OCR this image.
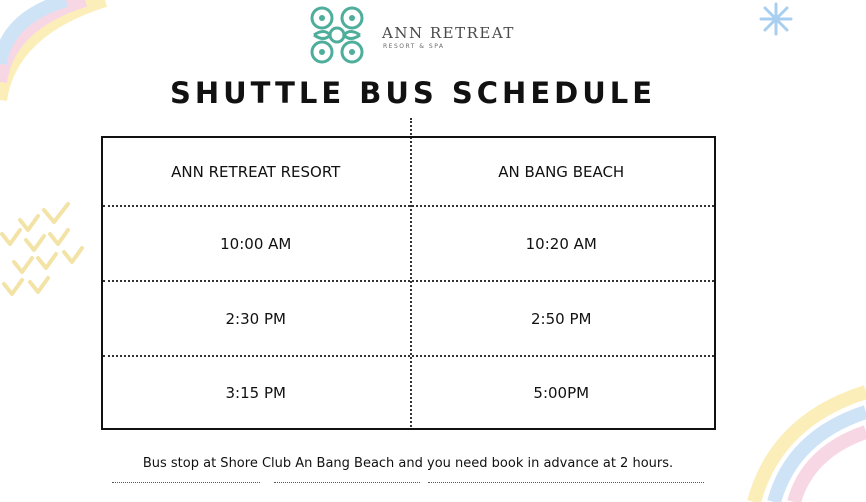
ANN RETREAT
RESORT & SPA
SHUTTLE BUS SCHEDULE
ANN RETREAT RESORT	AN BANG BEACH
10:00 AM	10:20 AM
2:30 PM	2:50 PM
3:15 PM	5:00PM
Bus stop at Shore Club An Bang Beach and you need book in advance at 2 hours.
